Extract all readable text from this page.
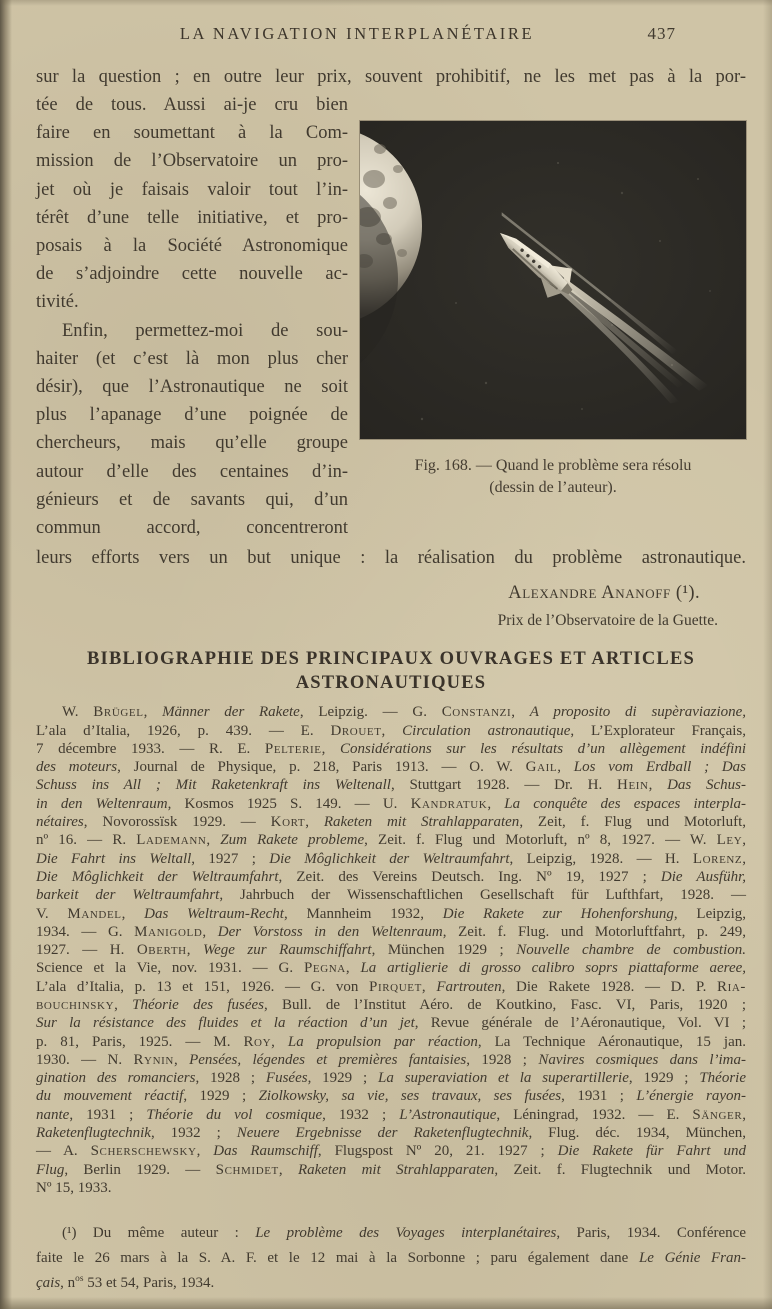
LA NAVIGATION INTERPLANÉTAIRE	437
sur la question ; en outre leur prix, souvent prohibitif, ne les met pas à la por-
Fig. 168. — Quand le problème sera résolu
(dessin de l’auteur).
tée de tous. Aussi ai-je cru bien
faire en soumettant à la Com-
mission de l’Observatoire un pro-
jet où je faisais valoir tout l’in-
térêt d’une telle initiative, et pro-
posais à la Société Astronomique
de s’adjoindre cette nouvelle ac-
tivité.
Enfin, permettez-moi de sou-
haiter (et c’est là mon plus cher
désir), que l’Astronautique ne soit
plus l’apanage d’une poignée de
chercheurs, mais qu’elle groupe
autour d’elle des centaines d’in-
génieurs et de savants qui, d’un
commun accord, concentreront
leurs efforts vers un but unique : la réalisation du problème astronautique.
Alexandre Ananoff (¹).
Prix de l’Observatoire de la Guette.
BIBLIOGRAPHIE DES PRINCIPAUX OUVRAGES ET ARTICLES
ASTRONAUTIQUES
W. Brügel, Männer der Rakete, Leipzig. — G. Constanzi, A proposito di supèraviazione,
L’ala d’Italia, 1926, p. 439. — E. Drouet, Circulation astronautique, L’Explorateur Français,
7 décembre 1933. — R. E. Pelterie, Considérations sur les résultats d’un allègement indéfini
des moteurs, Journal de Physique, p. 218, Paris 1913. — O. W. Gail, Los vom Erdball ; Das
Schuss ins All ; Mit Raketenkraft ins Weltenall, Stuttgart 1928. — Dr. H. Hein, Das Schus-
in den Weltenraum, Kosmos 1925 S. 149. — U. Kandratuk, La conquête des espaces interpla-
nétaires, Novorossïsk 1929. — Kort, Raketen mit Strahlapparaten, Zeit, f. Flug und Motorluft,
nº 16. — R. Lademann, Zum Rakete probleme, Zeit. f. Flug und Motorluft, nº 8, 1927. — W. Ley,
Die Fahrt ins Weltall, 1927 ; Die Môglichkeit der Weltraumfahrt, Leipzig, 1928. — H. Lorenz,
Die Môglichkeit der Weltraumfahrt, Zeit. des Vereins Deutsch. Ing. Nº 19, 1927 ; Die Ausführ,
barkeit der Weltraumfahrt, Jahrbuch der Wissenschaftlichen Gesellschaft für Lufthfart, 1928. —
V. Mandel, Das Weltraum-Recht, Mannheim 1932, Die Rakete zur Hohenforshung, Leipzig,
1934. — G. Manigold, Der Vorstoss in den Weltenraum, Zeit. f. Flug. und Motorluftfahrt, p. 249,
1927. — H. Oberth, Wege zur Raumschiffahrt, München 1929 ; Nouvelle chambre de combustion.
Science et la Vie, nov. 1931. — G. Pegna, La artiglierie di grosso calibro soprs piattaforme aeree,
L’ala d’Italia, p. 13 et 151, 1926. — G. von Pirquet, Fartrouten, Die Rakete 1928. — D. P. Ria-
bouchinsky, Théorie des fusées, Bull. de l’Institut Aéro. de Koutkino, Fasc. VI, Paris, 1920 ;
Sur la résistance des fluides et la réaction d’un jet, Revue générale de l’Aéronautique, Vol. VI ;
p. 81, Paris, 1925. — M. Roy, La propulsion par réaction, La Technique Aéronautique, 15 jan.
1930. — N. Rynin, Pensées, légendes et premières fantaisies, 1928 ; Navires cosmiques dans l’ima-
gination des romanciers, 1928 ; Fusées, 1929 ; La superaviation et la superartillerie, 1929 ; Théorie
du mouvement réactif, 1929 ; Ziolkowsky, sa vie, ses travaux, ses fusées, 1931 ; L’énergie rayon-
nante, 1931 ; Théorie du vol cosmique, 1932 ; L’Astronautique, Léningrad, 1932. — E. Sänger,
Raketenflugtechnik, 1932 ; Neuere Ergebnisse der Raketenflugtechnik, Flug. déc. 1934, München,
— A. Scherschewsky, Das Raumschiff, Flugspost Nº 20, 21. 1927 ; Die Rakete für Fahrt und
Flug, Berlin 1929. — Schmidet, Raketen mit Strahlapparaten, Zeit. f. Flugtechnik und Motor.
Nº 15, 1933.
(¹) Du même auteur : Le problème des Voyages interplanétaires, Paris, 1934. Conférence
faite le 26 mars à la S. A. F. et le 12 mai à la Sorbonne ; paru également dane Le Génie Fran-
çais, $n^{os}$ 53 et 54, Paris, 1934.
